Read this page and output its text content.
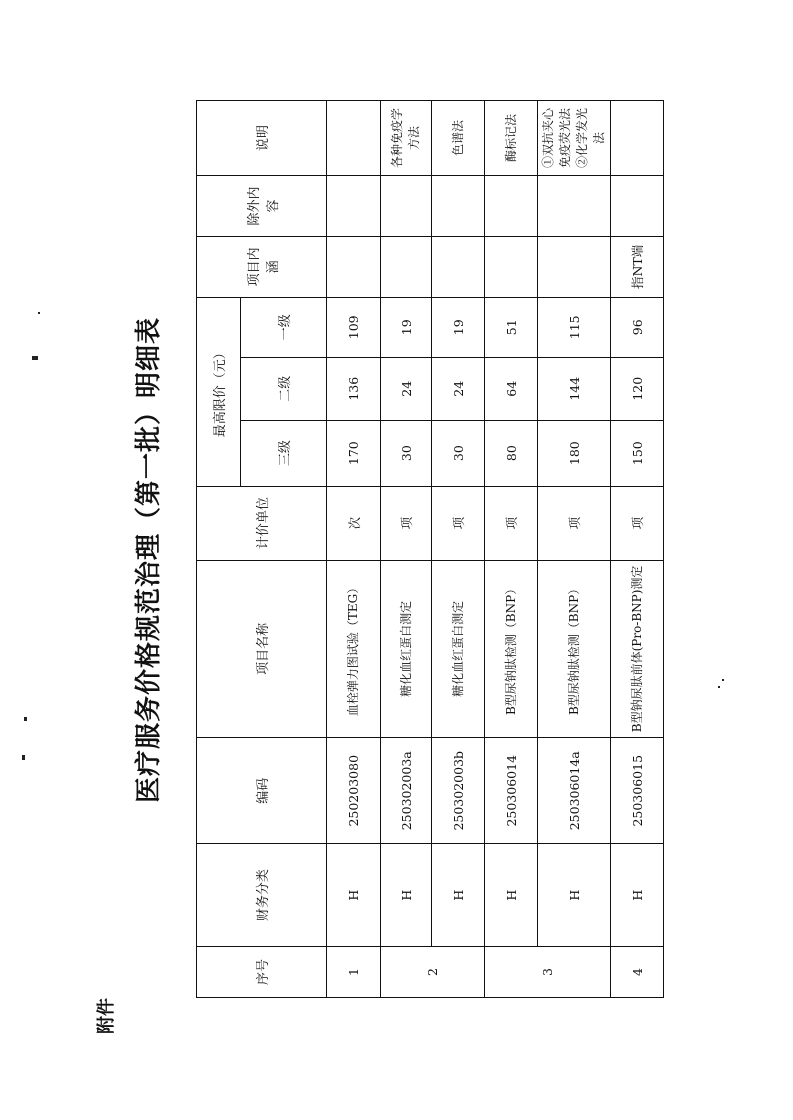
附件
医疗服务价格规范治理（第一批）明细表
序号	财务分类	编码	项目名称	计价单位	最高限价（元）			项目内涵	除外内容	说明
					三级	二级	一级			

1	H	250203080	血栓弹力图试验（TEG）	次	170	136	109			
2	H	250302003a	糖化血红蛋白测定	项	30	24	19			各种免疫学方法
	H	250302003b	糖化血红蛋白测定	项	30	24	19			色谱法
3	H	250306014	B型尿钠肽检测（BNP）	项	80	64	51			酶标记法
	H	250306014a	B型尿钠肽检测（BNP）	项	180	144	115			①双抗夹心免疫荧光法②化学发光法
4	H	250306015	B型钠尿肽前体(Pro-BNP)测定	项	150	120	96	指NT端		
